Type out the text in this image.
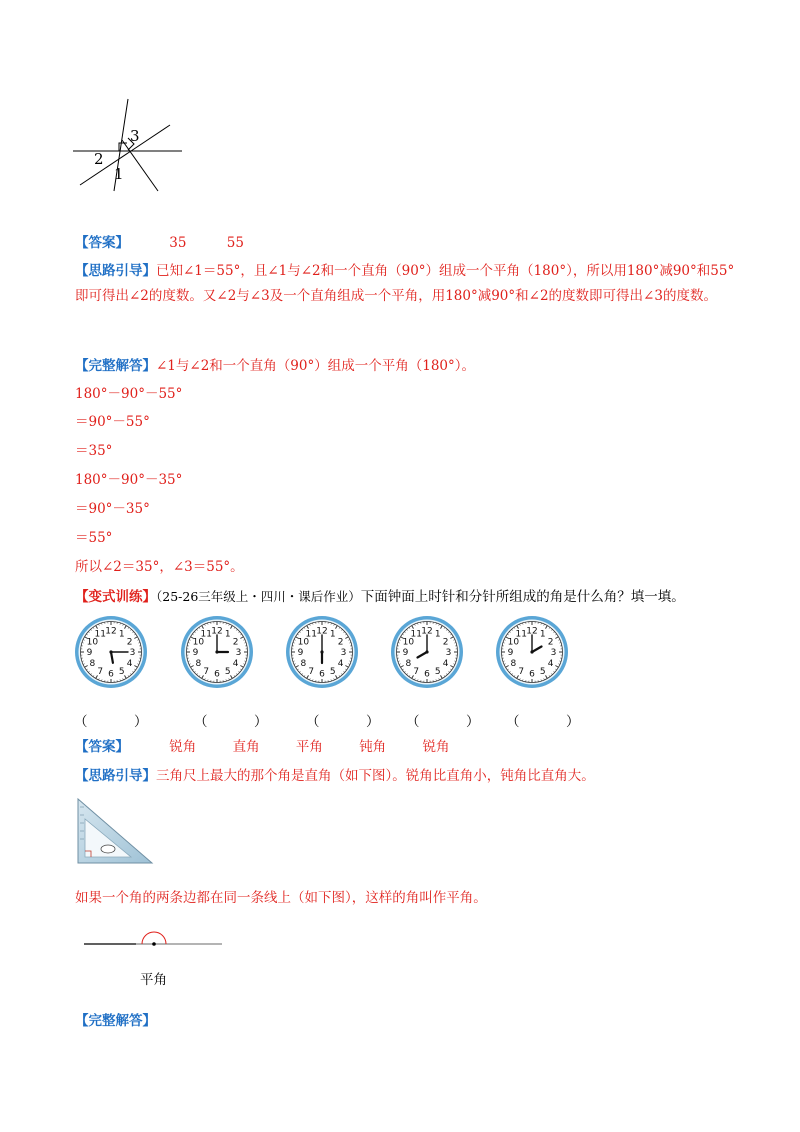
3
2
1
【答案】	35	55
【思路引导】已知∠1＝55°，且∠1与∠2和一个直角（90°）组成一个平角（180°），所以用180°减90°和55°即可得出∠2的度数。又∠2与∠3及一个直角组成一个平角，用180°减90°和∠2的度数即可得出∠3的度数。
【完整解答】∠1与∠2和一个直角（90°）组成一个平角（180°）。
180°－90°－55°
＝90°－55°
＝35°
180°－90°－35°
＝90°－35°
＝55°
所以∠2＝35°，∠3＝55°。
【变式训练】（25-26三年级上・四川・课后作业）下面钟面上时针和分针所组成的角是什么角？填一填。
12 1
2
3
4
5
6
7
8
9
10
11	12 1
2
3
4
5
6
7
8
9
10
11	12 1
2
3
4
5
6
7
8
9
10
11	12 1
2
3
4
5
6
7
8
9
10
11	12 1
2
3
4
5
6
7
8
9
10
11
（	）	（	）	（	） （	） （	）
【答案】	锐角	直角	平角	钝角	锐角
【思路引导】三角尺上最大的那个角是直角（如下图）。锐角比直角小，钝角比直角大。
如果一个角的两条边都在同一条线上（如下图），这样的角叫作平角。
平角
【完整解答】
